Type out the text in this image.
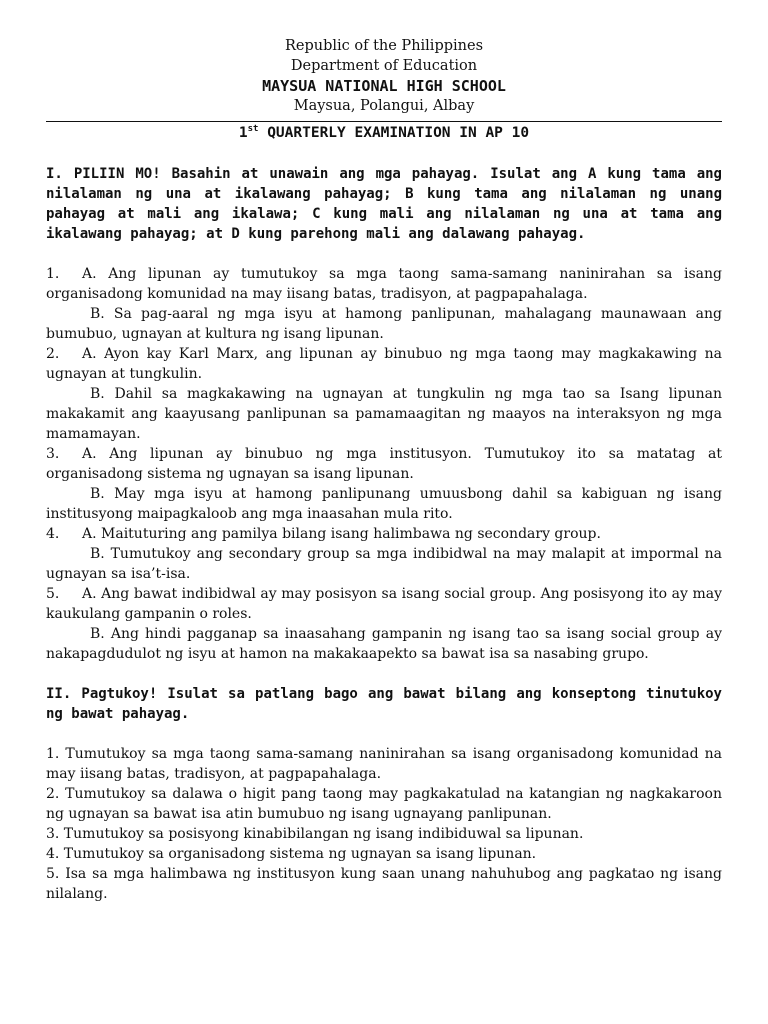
Republic of the Philippines
Department of Education
MAYSUA NATIONAL HIGH SCHOOL
Maysua, Polangui, Albay
1st QUARTERLY EXAMINATION IN AP 10

I. PILIIN MO! Basahin at unawain ang mga pahayag. Isulat ang A kung tama ang nilalaman ng una at ikalawang pahayag; B kung tama ang nilalaman ng unang pahayag at mali ang ikalawa; C kung mali ang nilalaman ng una at tama ang ikalawang pahayag; at D kung parehong mali ang dalawang pahayag.

1. A. Ang lipunan ay tumutukoy sa mga taong sama-samang naninirahan sa isang organisadong komunidad na may iisang batas, tradisyon, at pagpapahalaga.

B. Sa pag-aaral ng mga isyu at hamong panlipunan, mahalagang maunawaan ang bumubuo, ugnayan at kultura ng isang lipunan.

2. A. Ayon kay Karl Marx, ang lipunan ay binubuo ng mga taong may magkakawing na ugnayan at tungkulin.

B. Dahil sa magkakawing na ugnayan at tungkulin ng mga tao sa Isang lipunan makakamit ang kaayusang panlipunan sa pamamaagitan ng maayos na interaksyon ng mga mamamayan.

3. A. Ang lipunan ay binubuo ng mga institusyon. Tumutukoy ito sa matatag at organisadong sistema ng ugnayan sa isang lipunan.

B. May mga isyu at hamong panlipunang umuusbong dahil sa kabiguan ng isang institusyong maipagkaloob ang mga inaasahan mula rito.

4. A. Maituturing ang pamilya bilang isang halimbawa ng secondary group.

B. Tumutukoy ang secondary group sa mga indibidwal na may malapit at impormal na ugnayan sa isa’t-isa.

5. A. Ang bawat indibidwal ay may posisyon sa isang social group. Ang posisyong ito ay may kaukulang gampanin o roles.

B. Ang hindi pagganap sa inaasahang gampanin ng isang tao sa isang social group ay nakapagdudulot ng isyu at hamon na makakaapekto sa bawat isa sa nasabing grupo.

II. Pagtukoy! Isulat sa patlang bago ang bawat bilang ang konseptong tinutukoy ng bawat pahayag.

1. Tumutukoy sa mga taong sama-samang naninirahan sa isang organisadong komunidad na may iisang batas, tradisyon, at pagpapahalaga.

2. Tumutukoy sa dalawa o higit pang taong may pagkakatulad na katangian ng nagkakaroon ng ugnayan sa bawat isa atin bumubuo ng isang ugnayang panlipunan.

3. Tumutukoy sa posisyong kinabibilangan ng isang indibiduwal sa lipunan.

4. Tumutukoy sa organisadong sistema ng ugnayan sa isang lipunan.

5. Isa sa mga halimbawa ng institusyon kung saan unang nahuhubog ang pagkatao ng isang nilalang.
